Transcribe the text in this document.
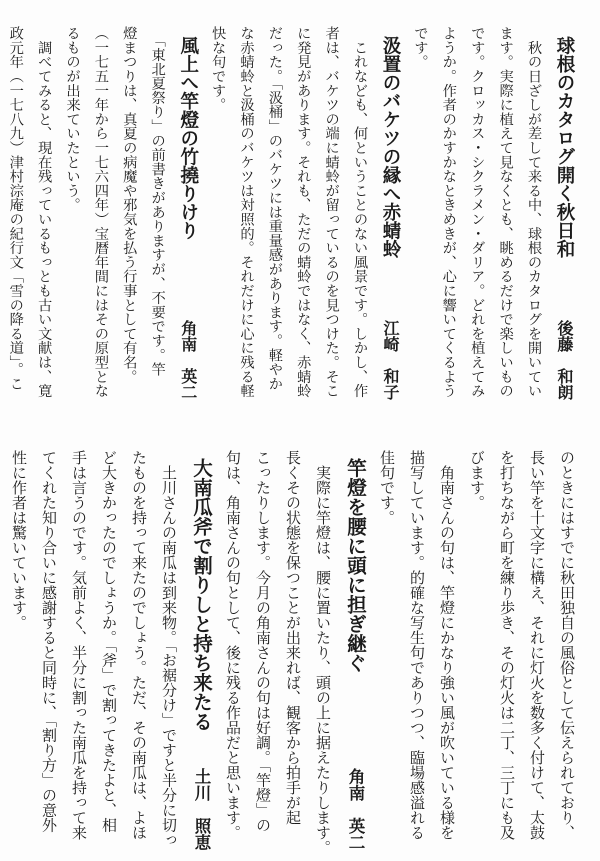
球根のカタログ開く秋日和
後藤　和朗
　秋の日ざしが差して来る中、球根のカタログを開いてい
ます。実際に植えて見なくとも、眺めるだけで楽しいもの
です。クロッカス・シクラメン・ダリア。どれを植えてみ
ようか。作者のかすかなときめきが、心に響いてくるよう
です。
汲置のバケツの縁へ赤蜻蛉
江崎　和子
　これなども、何ということのない風景です。しかし、作
者は、バケツの端に蜻蛉が留っているのを見つけた。そこ
に発見があります。それも、ただの蜻蛉ではなく、赤蜻蛉
だった。「汲桶」のバケツには重量感があります。軽やか
な赤蜻蛉と汲桶のバケツは対照的。それだけに心に残る軽
快な句です。
風上へ竿燈の竹撓りけり
角南　英二
　「東北夏祭り」の前書きがありますが、不要です。竿
燈まつりは、真夏の病魔や邪気を払う行事として有名。
（一七五一年から一七六四年）宝暦年間にはその原型とな
るものが出来ていたという。
　調べてみると、現在残っているもっとも古い文献は、寛
政元年（一七八九）津村淙庵の紀行文「雪の降る道」。こ
のときにはすでに秋田独自の風俗として伝えられており、
長い竿を十文字に構え、それに灯火を数多く付けて、太鼓
を打ちながら町を練り歩き、その灯火は二丁、三丁にも及
びます。
　角南さんの句は、竿燈にかなり強い風が吹いている様を
描写しています。的確な写生句でありつつ、臨場感溢れる
佳句です。
竿燈を腰に頭に担ぎ継ぐ
角南　英二
　実際に竿燈は、腰に置いたり、頭の上に据えたりします。
長くその状態を保つことが出来れば、観客から拍手が起
こったりします。今月の角南さんの句は好調。「竿燈」の
句は、角南さんの句として、後に残る作品だと思います。
大南瓜斧で割りしと持ち来たる
土川　照恵
　土川さんの南瓜は到来物。「お裾分け」ですと半分に切っ
たものを持って来たのでしょう。ただ、その南瓜は、よほ
ど大きかったのでしょうか。「斧」で割ってきたよと、相
手は言うのです。気前よく、半分に割った南瓜を持って来
てくれた知り合いに感謝すると同時に、「割り方」の意外
性に作者は驚いています。
